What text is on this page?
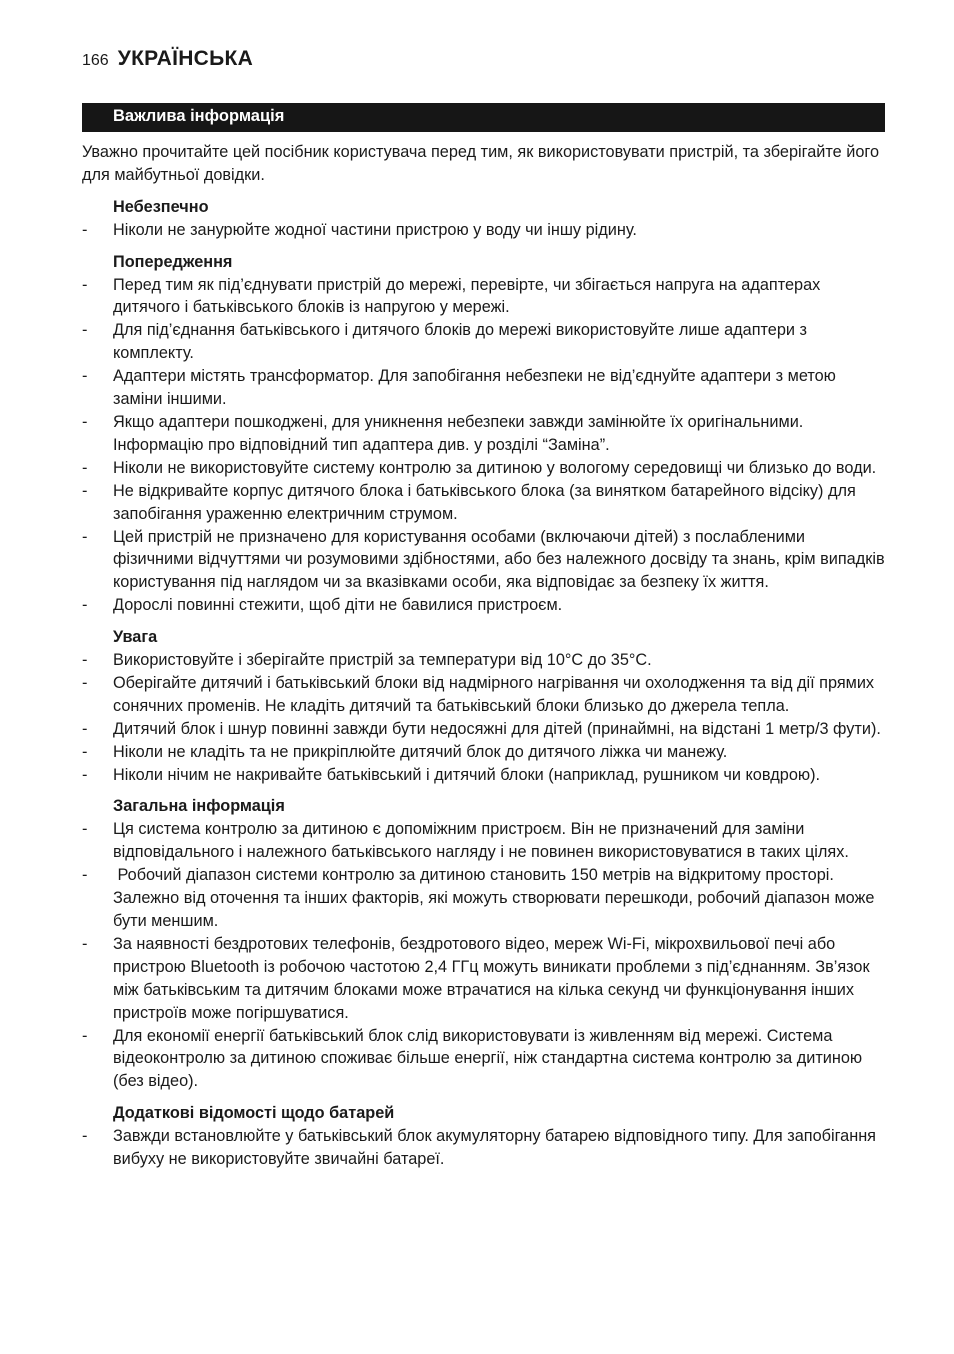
166 УКРАЇНСЬКА
Важлива інформація

Уважно прочитайте цей посібник користувача перед тим, як використовувати пристрій, та зберігайте його для майбутньої довідки.

Небезпечно
- Ніколи не занурюйте жодної частини пристрою у воду чи іншу рідину.
Попередження
- Перед тим як під’єднувати пристрій до мережі, перевірте, чи збігається напруга на адаптерах дитячого і батьківського блоків із напругою у мережі.
- Для під’єднання батьківського і дитячого блоків до мережі використовуйте лише адаптери з комплекту.
- Адаптери містять трансформатор. Для запобігання небезпеки не від’єднуйте адаптери з метою заміни іншими.
- Якщо адаптери пошкоджені, для уникнення небезпеки завжди замінюйте їх оригінальними. Інформацію про відповідний тип адаптера див. у розділі “Заміна”.
- Ніколи не використовуйте систему контролю за дитиною у вологому середовищі чи близько до води.
- Не відкривайте корпус дитячого блока і батьківського блока (за винятком батарейного відсіку) для запобігання ураженню електричним струмом.
- Цей пристрій не призначено для користування особами (включаючи дітей) з послабленими фізичними відчуттями чи розумовими здібностями, або без належного досвіду та знань, крім випадків користування під наглядом чи за вказівками особи, яка відповідає за безпеку їх життя.
- Дорослі повинні стежити, щоб діти не бавилися пристроєм.
Увага
- Використовуйте і зберігайте пристрій за температури від 10°C до 35°C.
- Оберігайте дитячий і батьківський блоки від надмірного нагрівання чи охолодження та від дії прямих сонячних променів. Не кладіть дитячий та батьківський блоки близько до джерела тепла.
- Дитячий блок і шнур повинні завжди бути недосяжні для дітей (принаймні, на відстані 1 метр/3 фути).
- Ніколи не кладіть та не прикріплюйте дитячий блок до дитячого ліжка чи манежу.
- Ніколи нічим не накривайте батьківський і дитячий блоки (наприклад, рушником чи ковдрою).
Загальна інформація
- Ця система контролю за дитиною є допоміжним пристроєм. Він не призначений для заміни відповідального і належного батьківського нагляду і не повинен використовуватися в таких цілях.
- Робочий діапазон системи контролю за дитиною становить 150 метрів на відкритому просторі. Залежно від оточення та інших факторів, які можуть створювати перешкоди, робочий діапазон може бути меншим.
- За наявності бездротових телефонів, бездротового відео, мереж Wi-Fi, мікрохвильової печі або пристрою Bluetooth із робочою частотою 2,4 ГГц можуть виникати проблеми з під’єднанням. Зв’язок між батьківським та дитячим блоками може втрачатися на кілька секунд чи функціонування інших пристроїв може погіршуватися.
- Для економії енергії батьківський блок слід використовувати із живленням від мережі. Система відеоконтролю за дитиною споживає більше енергії, ніж стандартна система контролю за дитиною (без відео).
Додаткові відомості щодо батарей
- Завжди встановлюйте у батьківський блок акумуляторну батарею відповідного типу. Для запобігання вибуху не використовуйте звичайні батареї.
